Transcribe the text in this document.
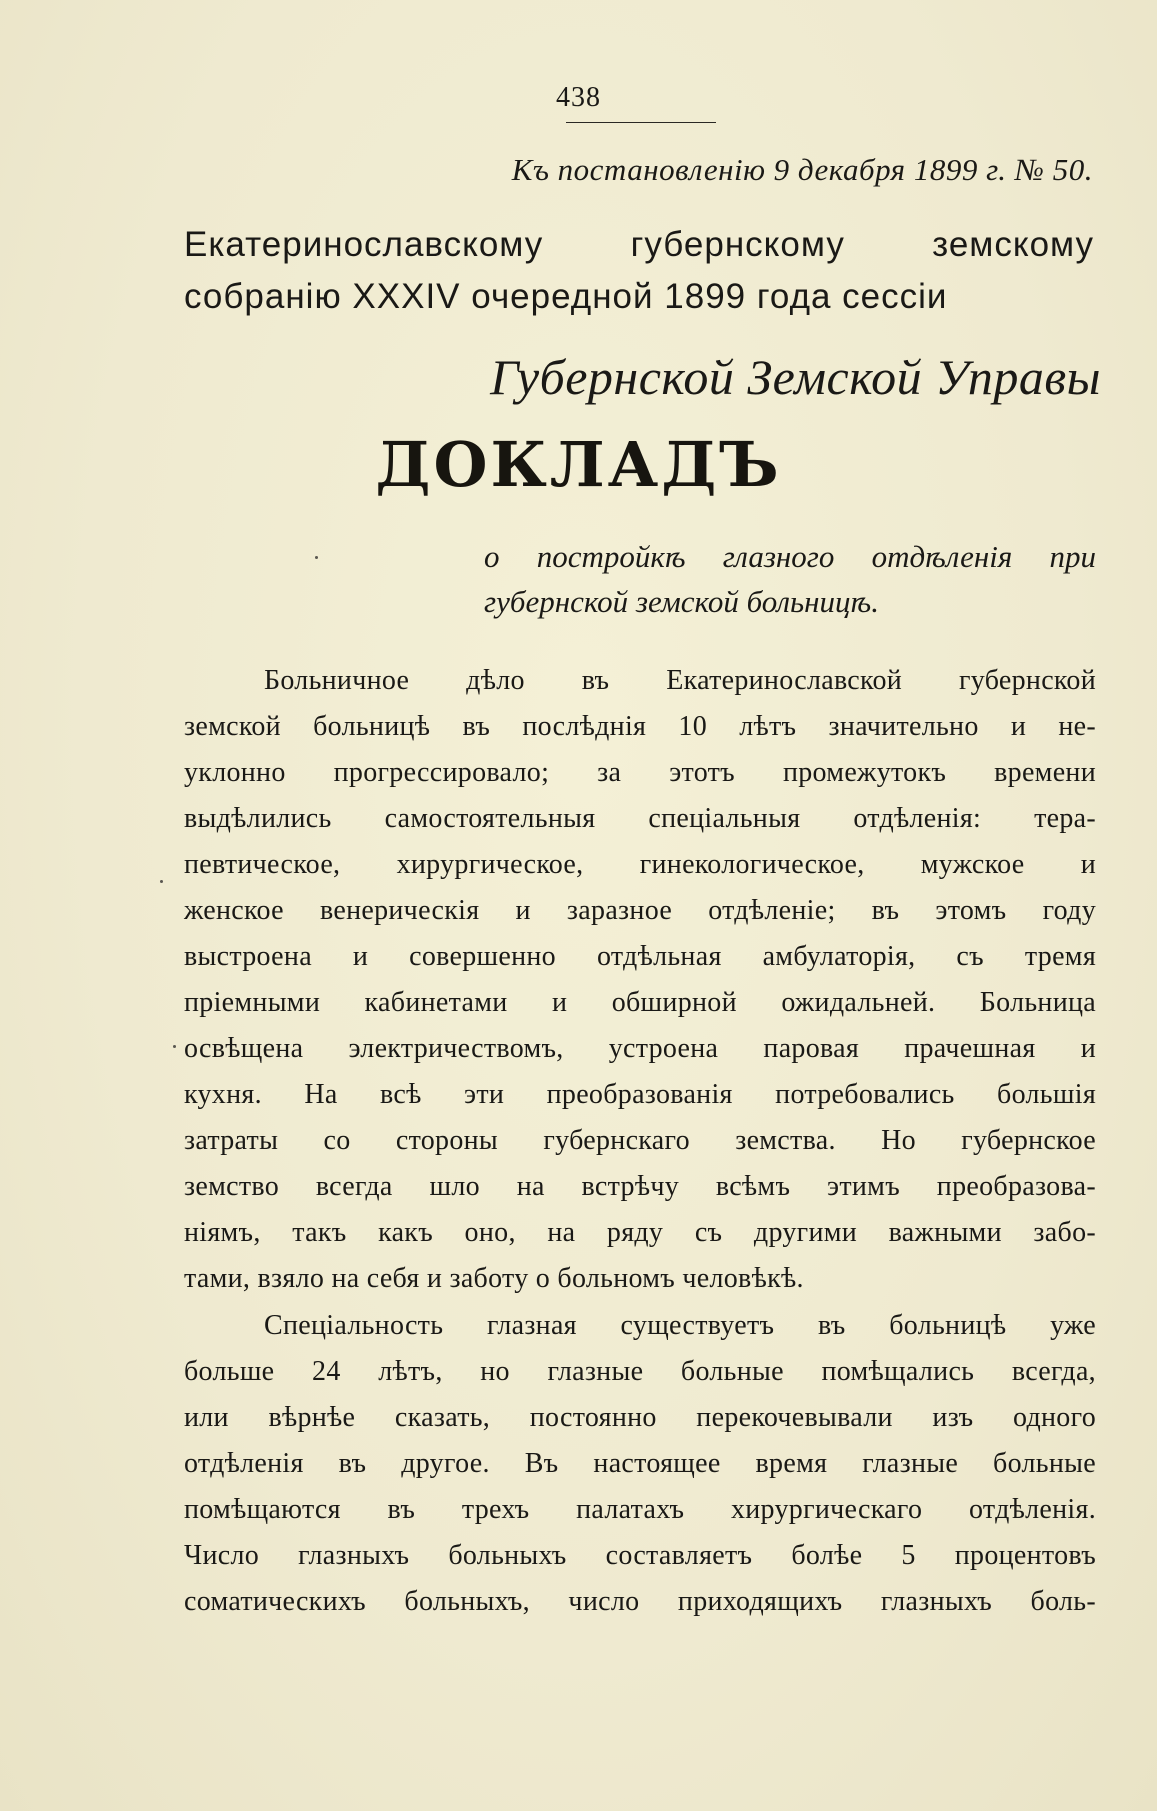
438
Къ постановленію 9 декабря 1899 г. № 50.
Екатеринославскому губернскому земскому
собранію XXXIV очередной 1899 года сессіи
Губернской Земской Управы
ДОКЛАДЪ
о постройкѣ глазного отдѣленія при
губернской земской больницѣ.
Больничное дѣло въ Екатеринославской губернской
земской больницѣ въ послѣднія 10 лѣтъ значительно и не-
уклонно прогрессировало; за этотъ промежутокъ времени
выдѣлились самостоятельныя спеціальныя отдѣленія: тера-
певтическое, хирургическое, гинекологическое, мужское и
женское венерическія и заразное отдѣленіе; въ этомъ году
выстроена и совершенно отдѣльная амбулаторія, съ тремя
пріемными кабинетами и обширной ожидальней. Больница
освѣщена электричествомъ, устроена паровая прачешная и
кухня. На всѣ эти преобразованія потребовались большія
затраты со стороны губернскаго земства. Но губернское
земство всегда шло на встрѣчу всѣмъ этимъ преобразова-
ніямъ, такъ какъ оно, на ряду съ другими важными забо-
тами, взяло на себя и заботу о больномъ человѣкѣ.
Спеціальность глазная существуетъ въ больницѣ уже
больше 24 лѣтъ, но глазные больные помѣщались всегда,
или вѣрнѣе сказать, постоянно перекочевывали изъ одного
отдѣленія въ другое. Въ настоящее время глазные больные
помѣщаются въ трехъ палатахъ хирургическаго отдѣленія.
Число глазныхъ больныхъ составляетъ болѣе 5 процентовъ
соматическихъ больныхъ, число приходящихъ глазныхъ боль-
